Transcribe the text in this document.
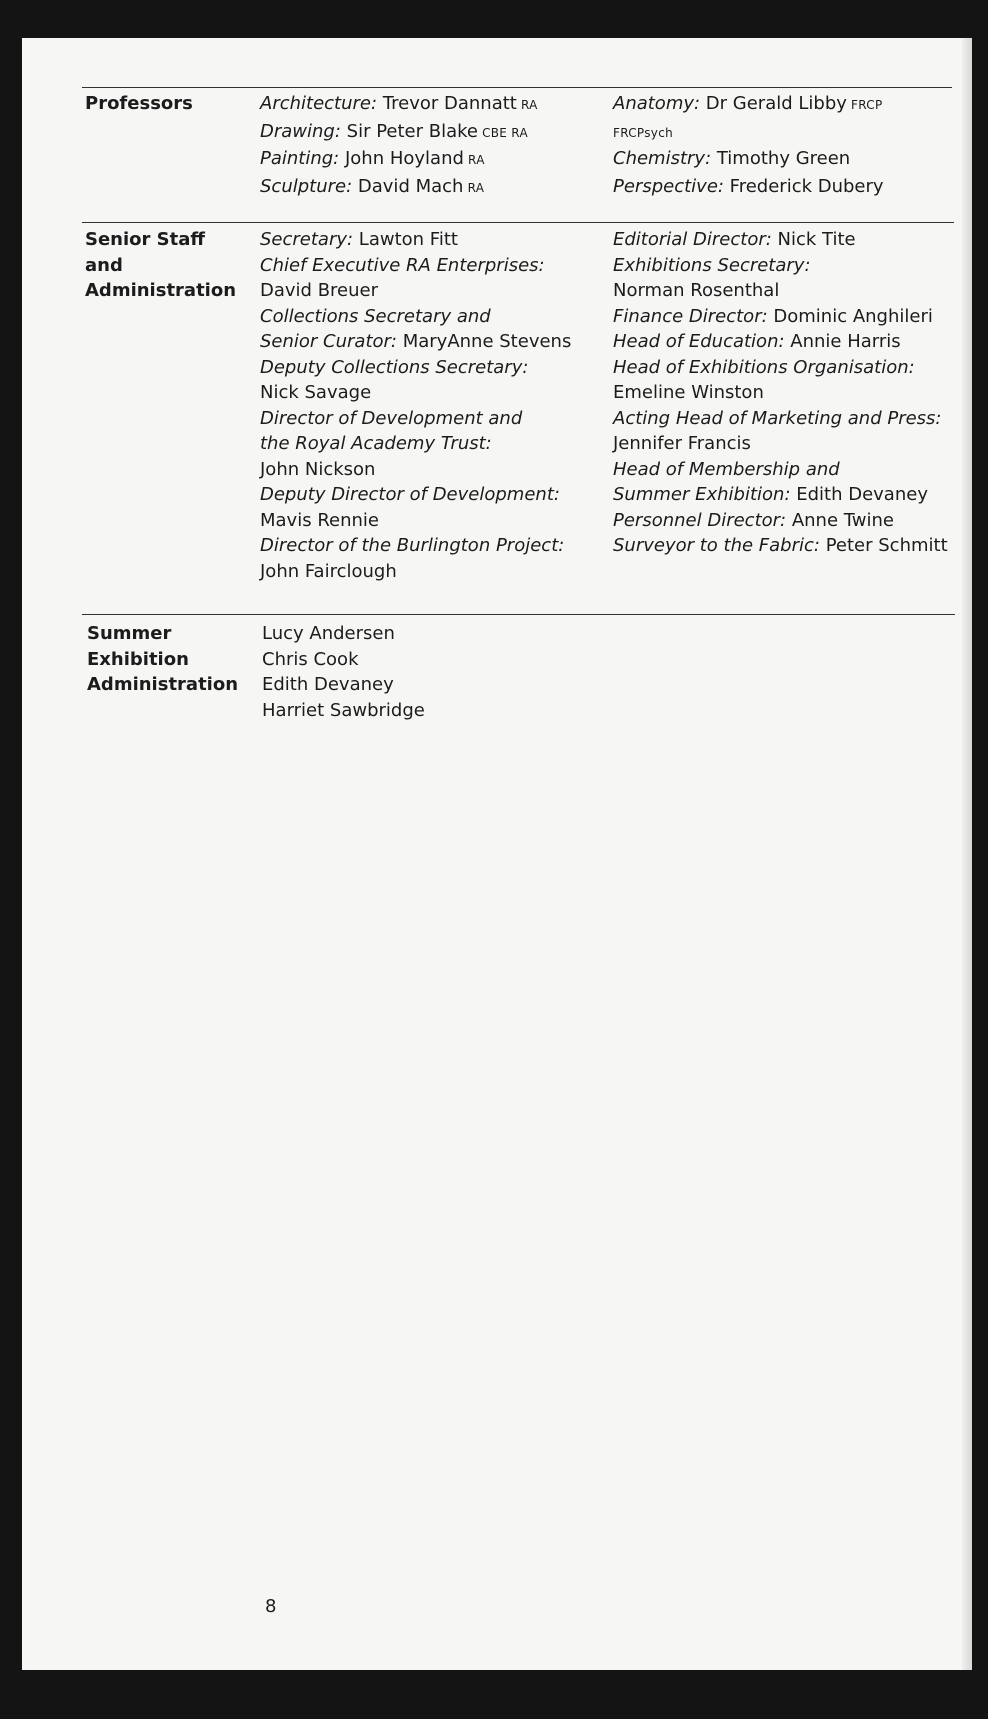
Professors	Architecture: Trevor Dannatt RA
Drawing: Sir Peter Blake CBE RA
Painting: John Hoyland RA
Sculpture: David Mach RA
Anatomy: Dr Gerald Libby FRCP
FRCPsych
Chemistry: Timothy Green
Perspective: Frederick Dubery
Senior Staff
and
Administration
Secretary: Lawton Fitt
Chief Executive RA Enterprises:
David Breuer
Collections Secretary and
Senior Curator: MaryAnne Stevens
Deputy Collections Secretary:
Nick Savage
Director of Development and
the Royal Academy Trust:
John Nickson
Deputy Director of Development:
Mavis Rennie
Director of the Burlington Project:
John Fairclough
Editorial Director: Nick Tite
Exhibitions Secretary:
Norman Rosenthal
Finance Director: Dominic Anghileri
Head of Education: Annie Harris
Head of Exhibitions Organisation:
Emeline Winston
Acting Head of Marketing and Press:
Jennifer Francis
Head of Membership and
Summer Exhibition: Edith Devaney
Personnel Director: Anne Twine
Surveyor to the Fabric: Peter Schmitt
Summer
Exhibition
Administration
Lucy Andersen
Chris Cook
Edith Devaney
Harriet Sawbridge
8
